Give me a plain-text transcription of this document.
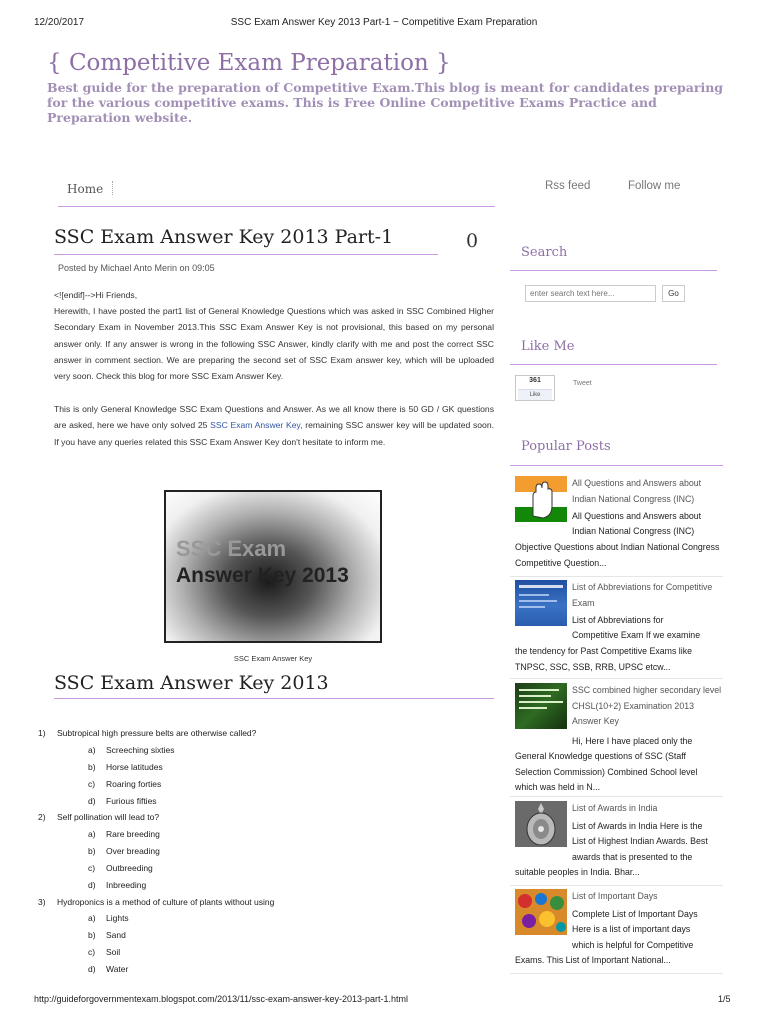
12/20/2017	SSC Exam Answer Key 2013 Part-1 ~ Competitive Exam Preparation
{ Competitive Exam Preparation }
Best guide for the preparation of Competitive Exam.This blog is meant for candidates preparing for the various competitive exams. This is Free Online Competitive Exams Practice and Preparation website.
Home	Rss feed	Follow me
SSC Exam Answer Key 2013 Part-1	0
Posted by Michael Anto Merin on 09:05
<![endif]-->Hi Friends,
Herewith, I have posted the part1 list of General Knowledge Questions which was asked in SSC Combined Higher Secondary Exam in November 2013.This SSC Exam Answer Key is not provisional, this based on my personal answer only. If any answer is wrong in the following SSC Answer, kindly clarify with me and post the correct SSC answer in comment section. We are preparing the second set of SSC Exam answer key, which will be uploaded very soon. Check this blog for more SSC Exam Answer Key.
This is only General Knowledge SSC Exam Questions and Answer. As we all know there is 50 GD / GK questions are asked, here we have only solved 25 SSC Exam Answer Key, remaining SSC answer key will be updated soon. If you have any queries related this SSC Exam Answer Key don't hesitate to inform me.
SSC Exam
Answer Key 2013
SSC Exam Answer Key
SSC Exam Answer Key 2013
1) Subtropical high pressure belts are otherwise called?
a) Screeching sixties
b) Horse latitudes
c) Roaring forties
d) Furious fifties
2) Self pollination will lead to?
a) Rare breeding
b) Over breading
c) Outbreeding
d) Inbreeding
3) Hydroponics is a method of culture of plants without using
a) Lights
b) Sand
c) Soil
d) Water
Search
enter search text here...
Go
Like Me
361
Like
Tweet
Popular Posts
All Questions and Answers about Indian National Congress (INC)
All Questions and Answers about
Indian National Congress (INC)
Objective Questions about Indian National Congress Competitive Question...
List of Abbreviations for Competitive Exam
List of Abbreviations for
Competitive Exam If we examine
the tendency for Past Competitive Exams like TNPSC, SSC, SSB, RRB, UPSC etcw...
SSC combined higher secondary level CHSL(10+2) Examination 2013 Answer Key
Hi, Here I have placed only the
General Knowledge questions of SSC (Staff Selection Commission) Combined School level which was held in N...
List of Awards in India
List of Awards in India Here is the
List of Highest Indian Awards. Best
awards that is presented to the
suitable peoples in India. Bhar...
List of Important Days
Complete List of Important Days
Here is a list of important days
which is helpful for Competitive
Exams. This List of Important National...
http://guideforgovernmentexam.blogspot.com/2013/11/ssc-exam-answer-key-2013-part-1.html	1/5
